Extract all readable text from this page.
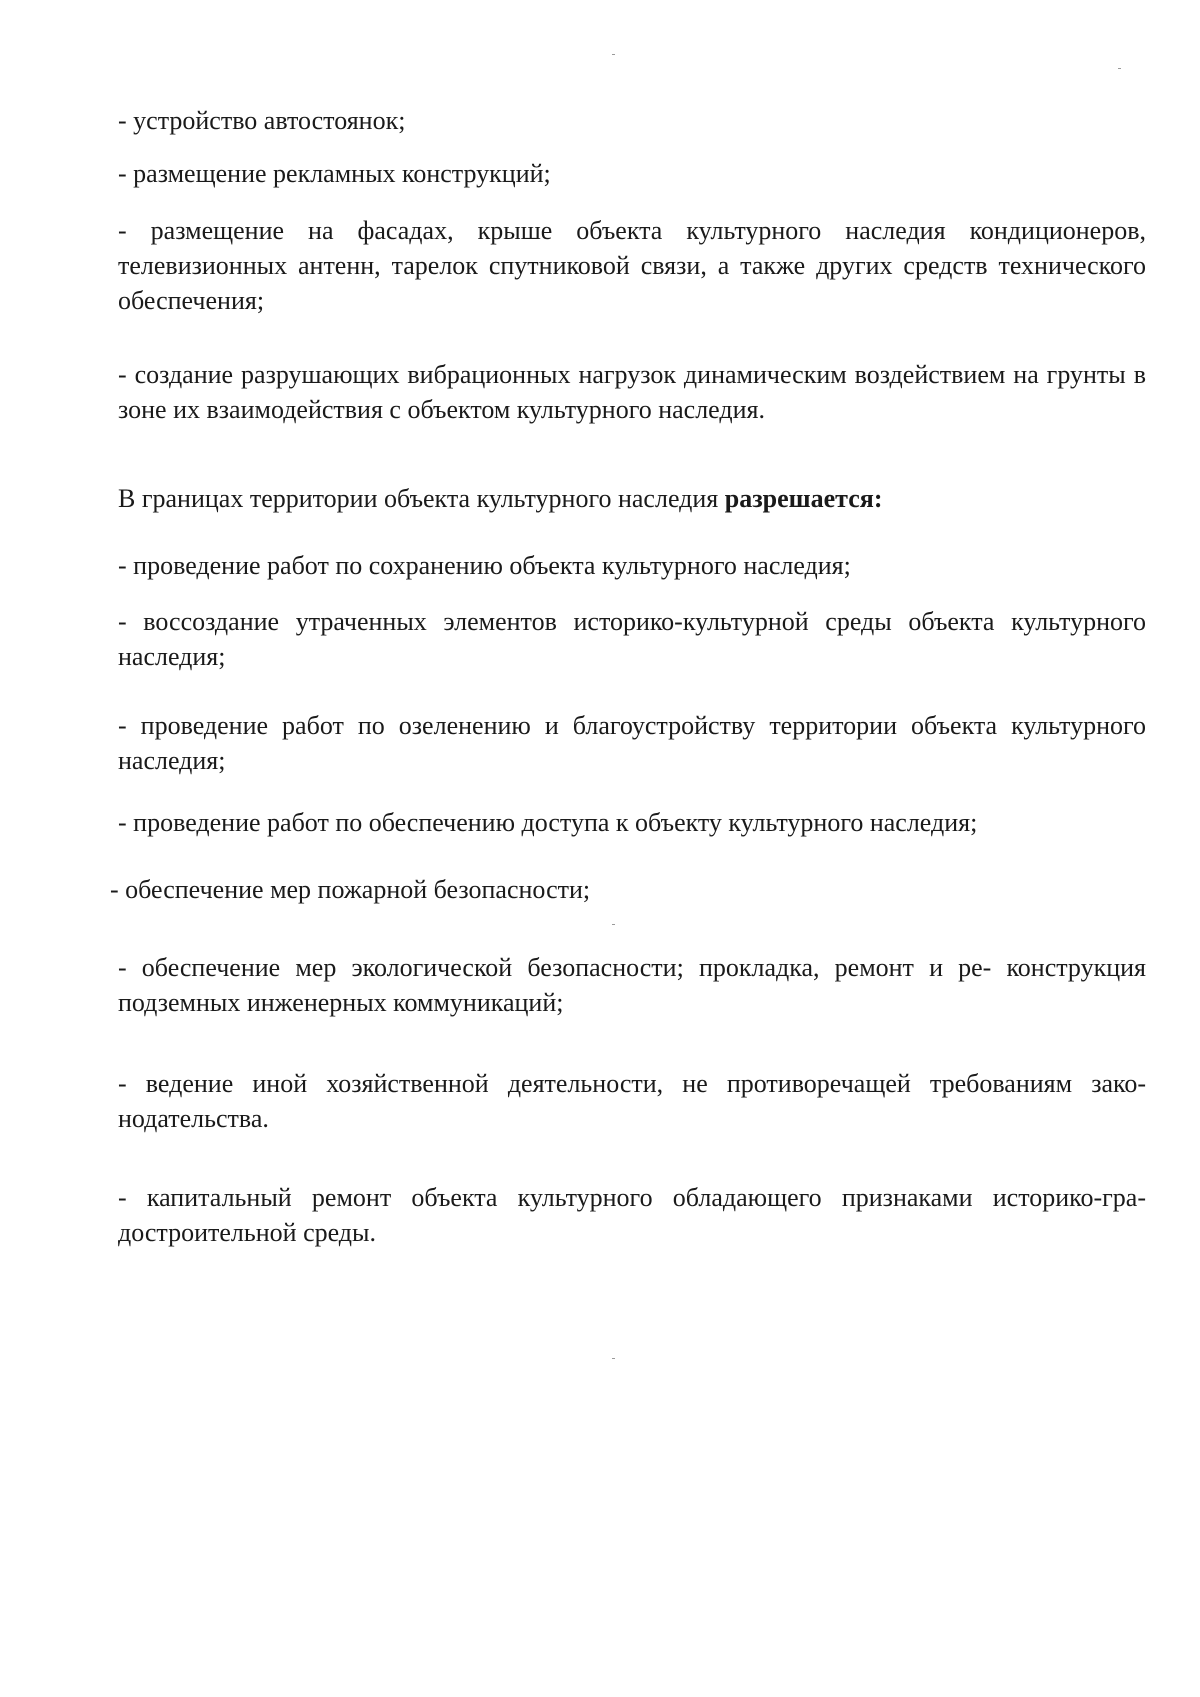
- устройство автостоянок;

- размещение рекламных конструкций;

- размещение на фасадах, крыше объекта культурного наследия кондиционеров, телевизионных антенн, тарелок спутниковой связи, а также других средств технического обеспечения;

- создание разрушающих вибрационных нагрузок динамическим воздействием на грунты в зоне их взаимодействия с объектом культурного наследия.

В границах территории объекта культурного наследия разрешается:

- проведение работ по сохранению объекта культурного наследия;

- воссоздание утраченных элементов историко-культурной среды объекта культурного наследия;

- проведение работ по озеленению и благоустройству территории объекта культурного наследия;

- проведение работ по обеспечению доступа к объекту культурного наследия;

- обеспечение мер пожарной безопасности;

- обеспечение мер экологической безопасности; прокладка, ремонт и ре- конструкция подземных инженерных коммуникаций;

- ведение иной хозяйственной деятельности, не противоречащей требованиям законодательства.

- капитальный ремонт объекта культурного обладающего признаками историко-градостроительной среды.
